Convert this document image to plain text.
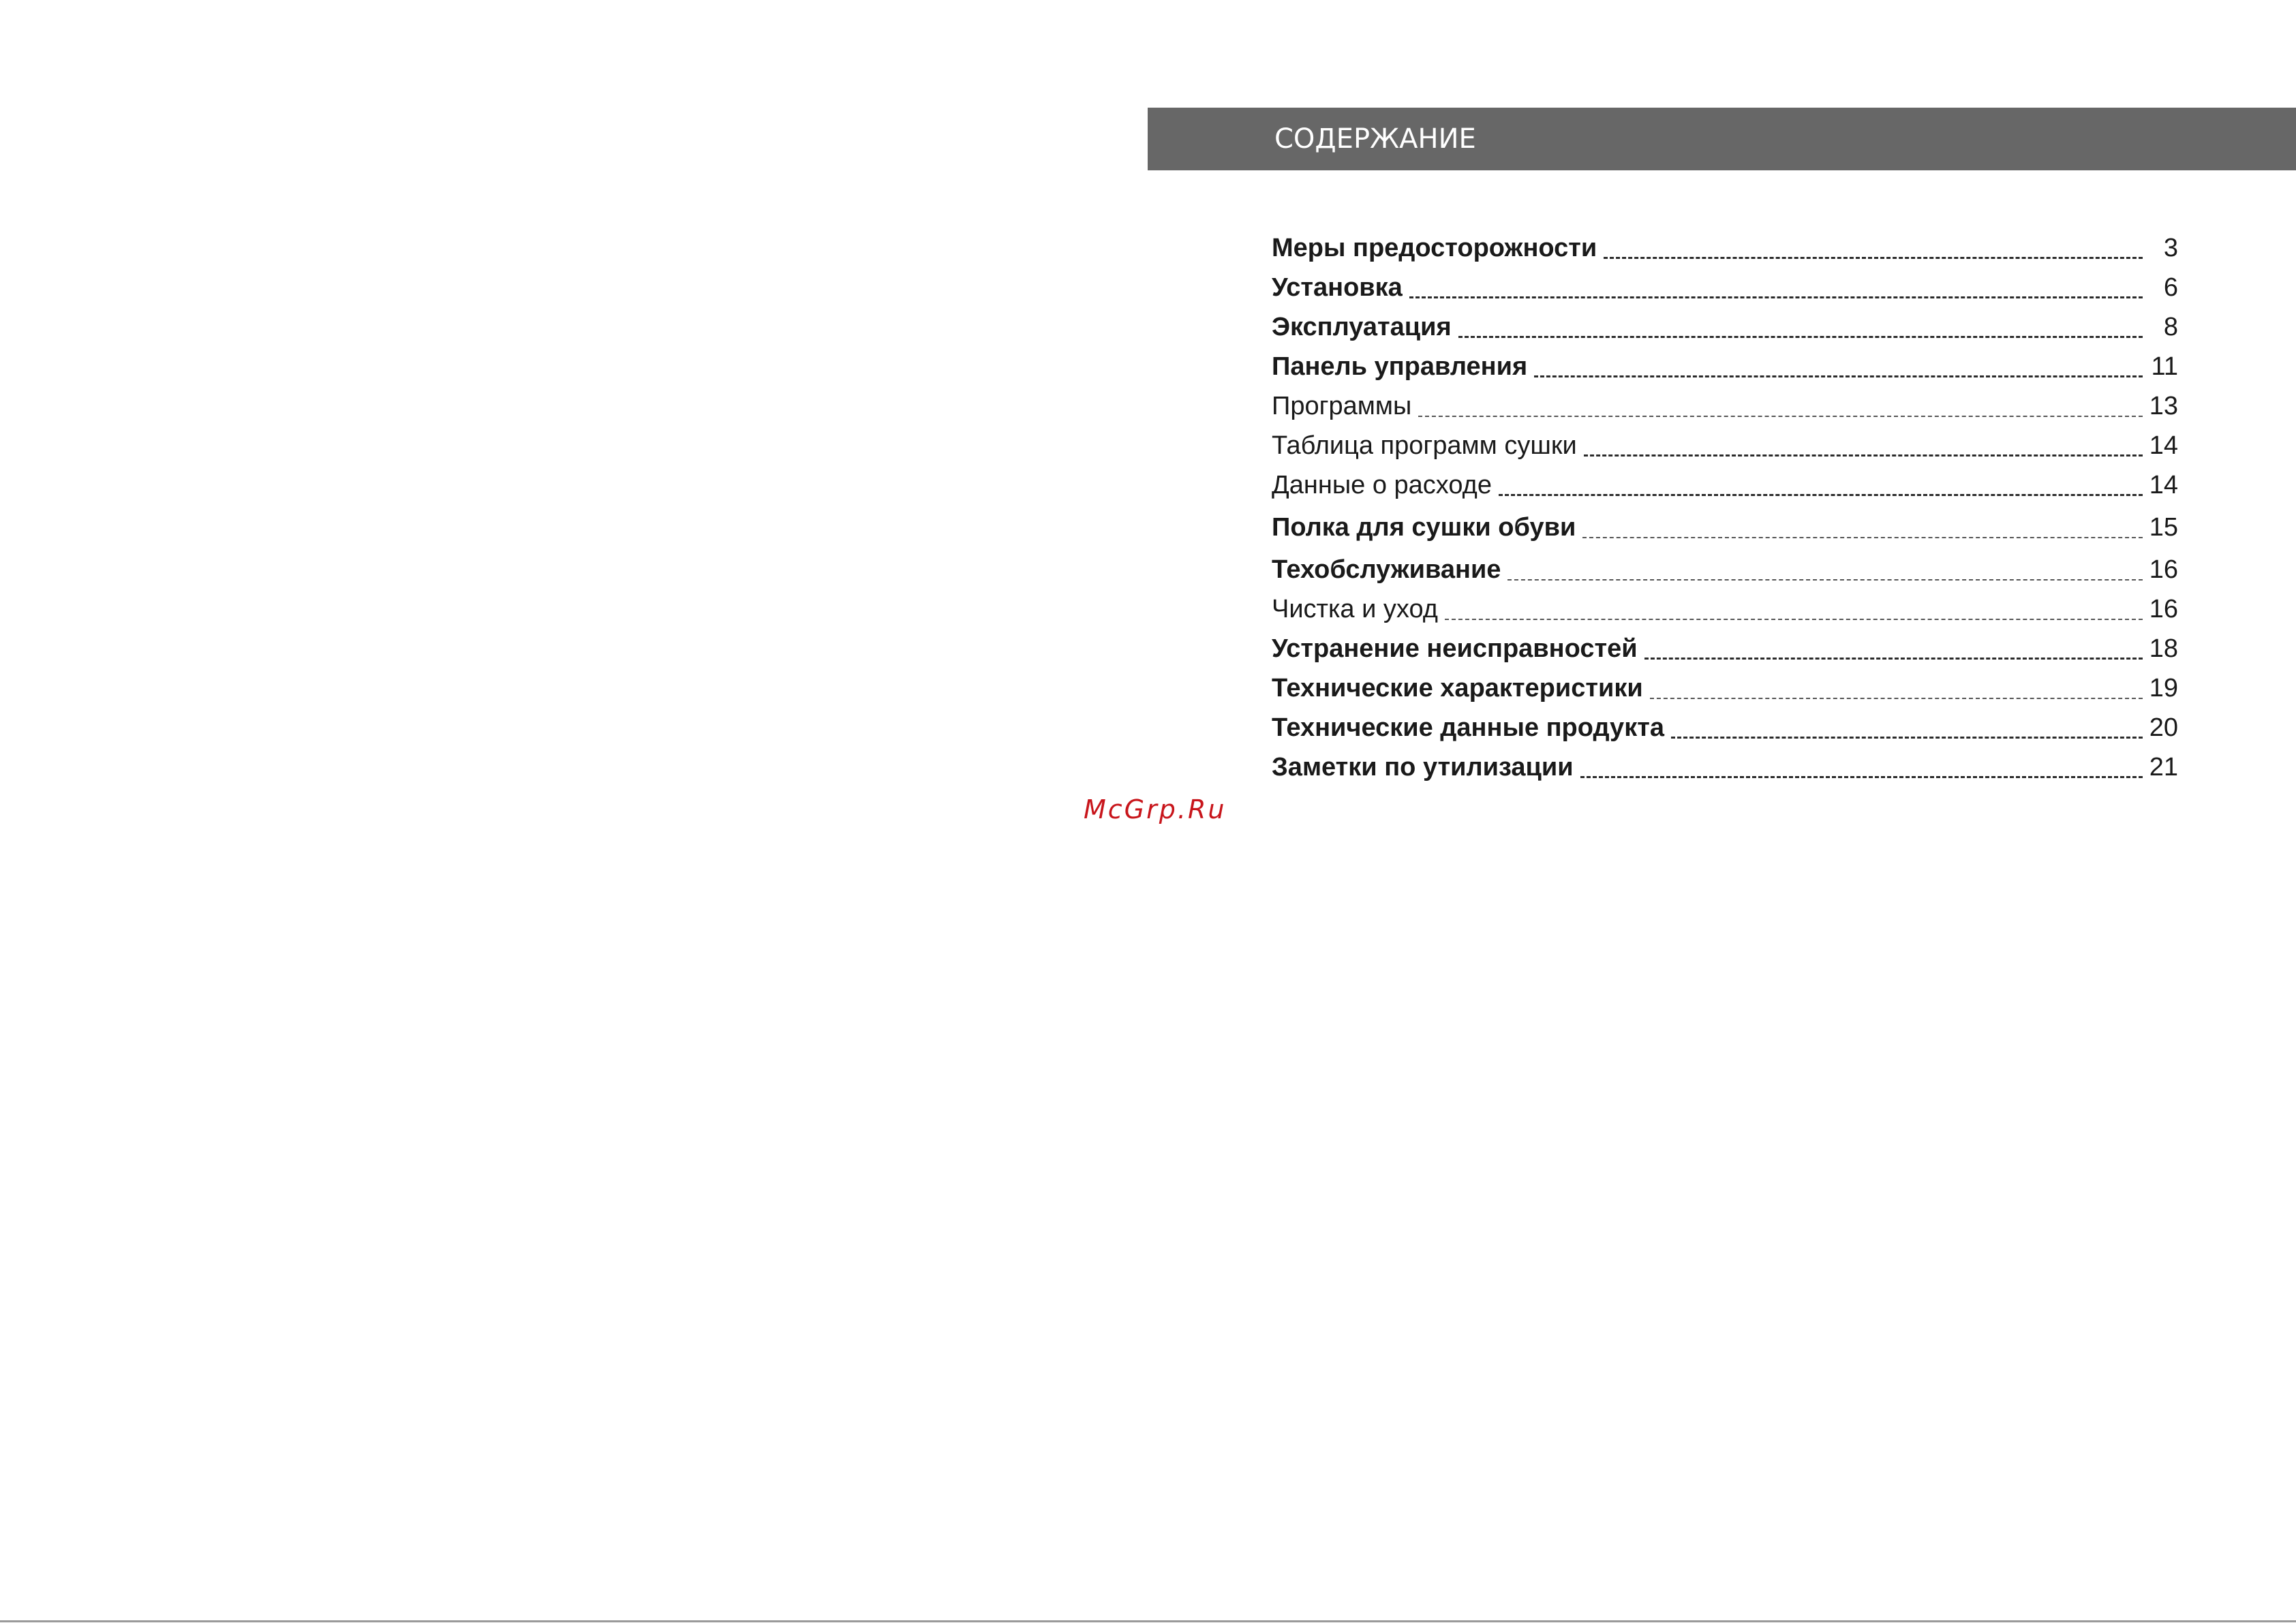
СОДЕРЖАНИЕ
Меры предосторожности	3
Установка	6
Эксплуатация	8
Панель управления	11
Программы	13
Таблица программ сушки	14
Данные о расходе	14
Полка для сушки обуви	15
Техобслуживание	16
Чистка и уход	16
Устранение неисправностей	18
Технические характеристики	19
Технические данные продукта	20
Заметки по утилизации	21
McGrp.Ru
